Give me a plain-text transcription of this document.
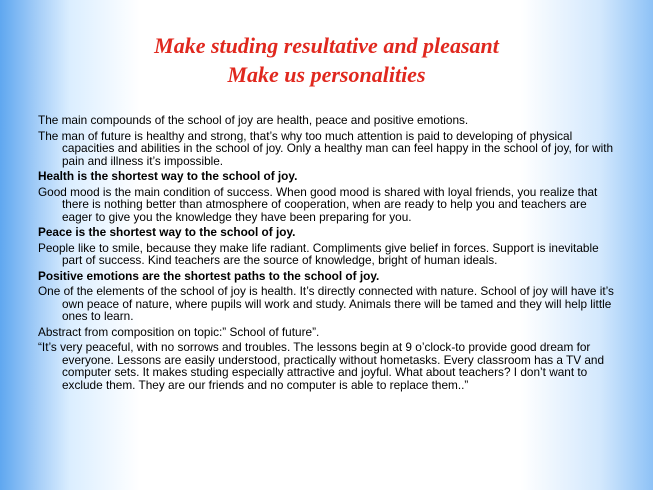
Make studing resultative and pleasant
Make us personalities

The main compounds of the school of joy are health, peace and positive emotions.

The man of future is healthy and strong, that’s why too much attention is paid to developing of physical capacities and abilities in the school of joy. Only a healthy man can feel happy in the school of joy, for with pain and illness it’s impossible.

Health is the shortest way to the school of joy.

Good mood is the main condition of success. When good mood is shared with loyal friends, you realize that there is nothing better than atmosphere of cooperation, when are ready to help you and teachers are eager to give you the knowledge they have been preparing for you.

Peace is the shortest way to the school of joy.

People like to smile, because they make life radiant. Compliments give belief in forces. Support is inevitable part of success. Kind teachers are the source of knowledge, bright of human ideals.

Positive emotions are the shortest paths to the school of joy.

One of the elements of the school of joy is health. It’s directly connected with nature. School of joy will have it’s own peace of nature, where pupils will work and study. Animals there will be tamed and they will help little ones to learn.

Abstract from composition on topic:” School of future”.

“It’s very peaceful, with no sorrows and troubles. The lessons begin at 9 o’clock-to provide good dream for everyone. Lessons are easily understood, practically without hometasks. Every classroom has a TV and computer sets. It makes studing especially attractive and joyful. What about teachers? I don’t want to exclude them. They are our friends and no computer is able to replace them..”
